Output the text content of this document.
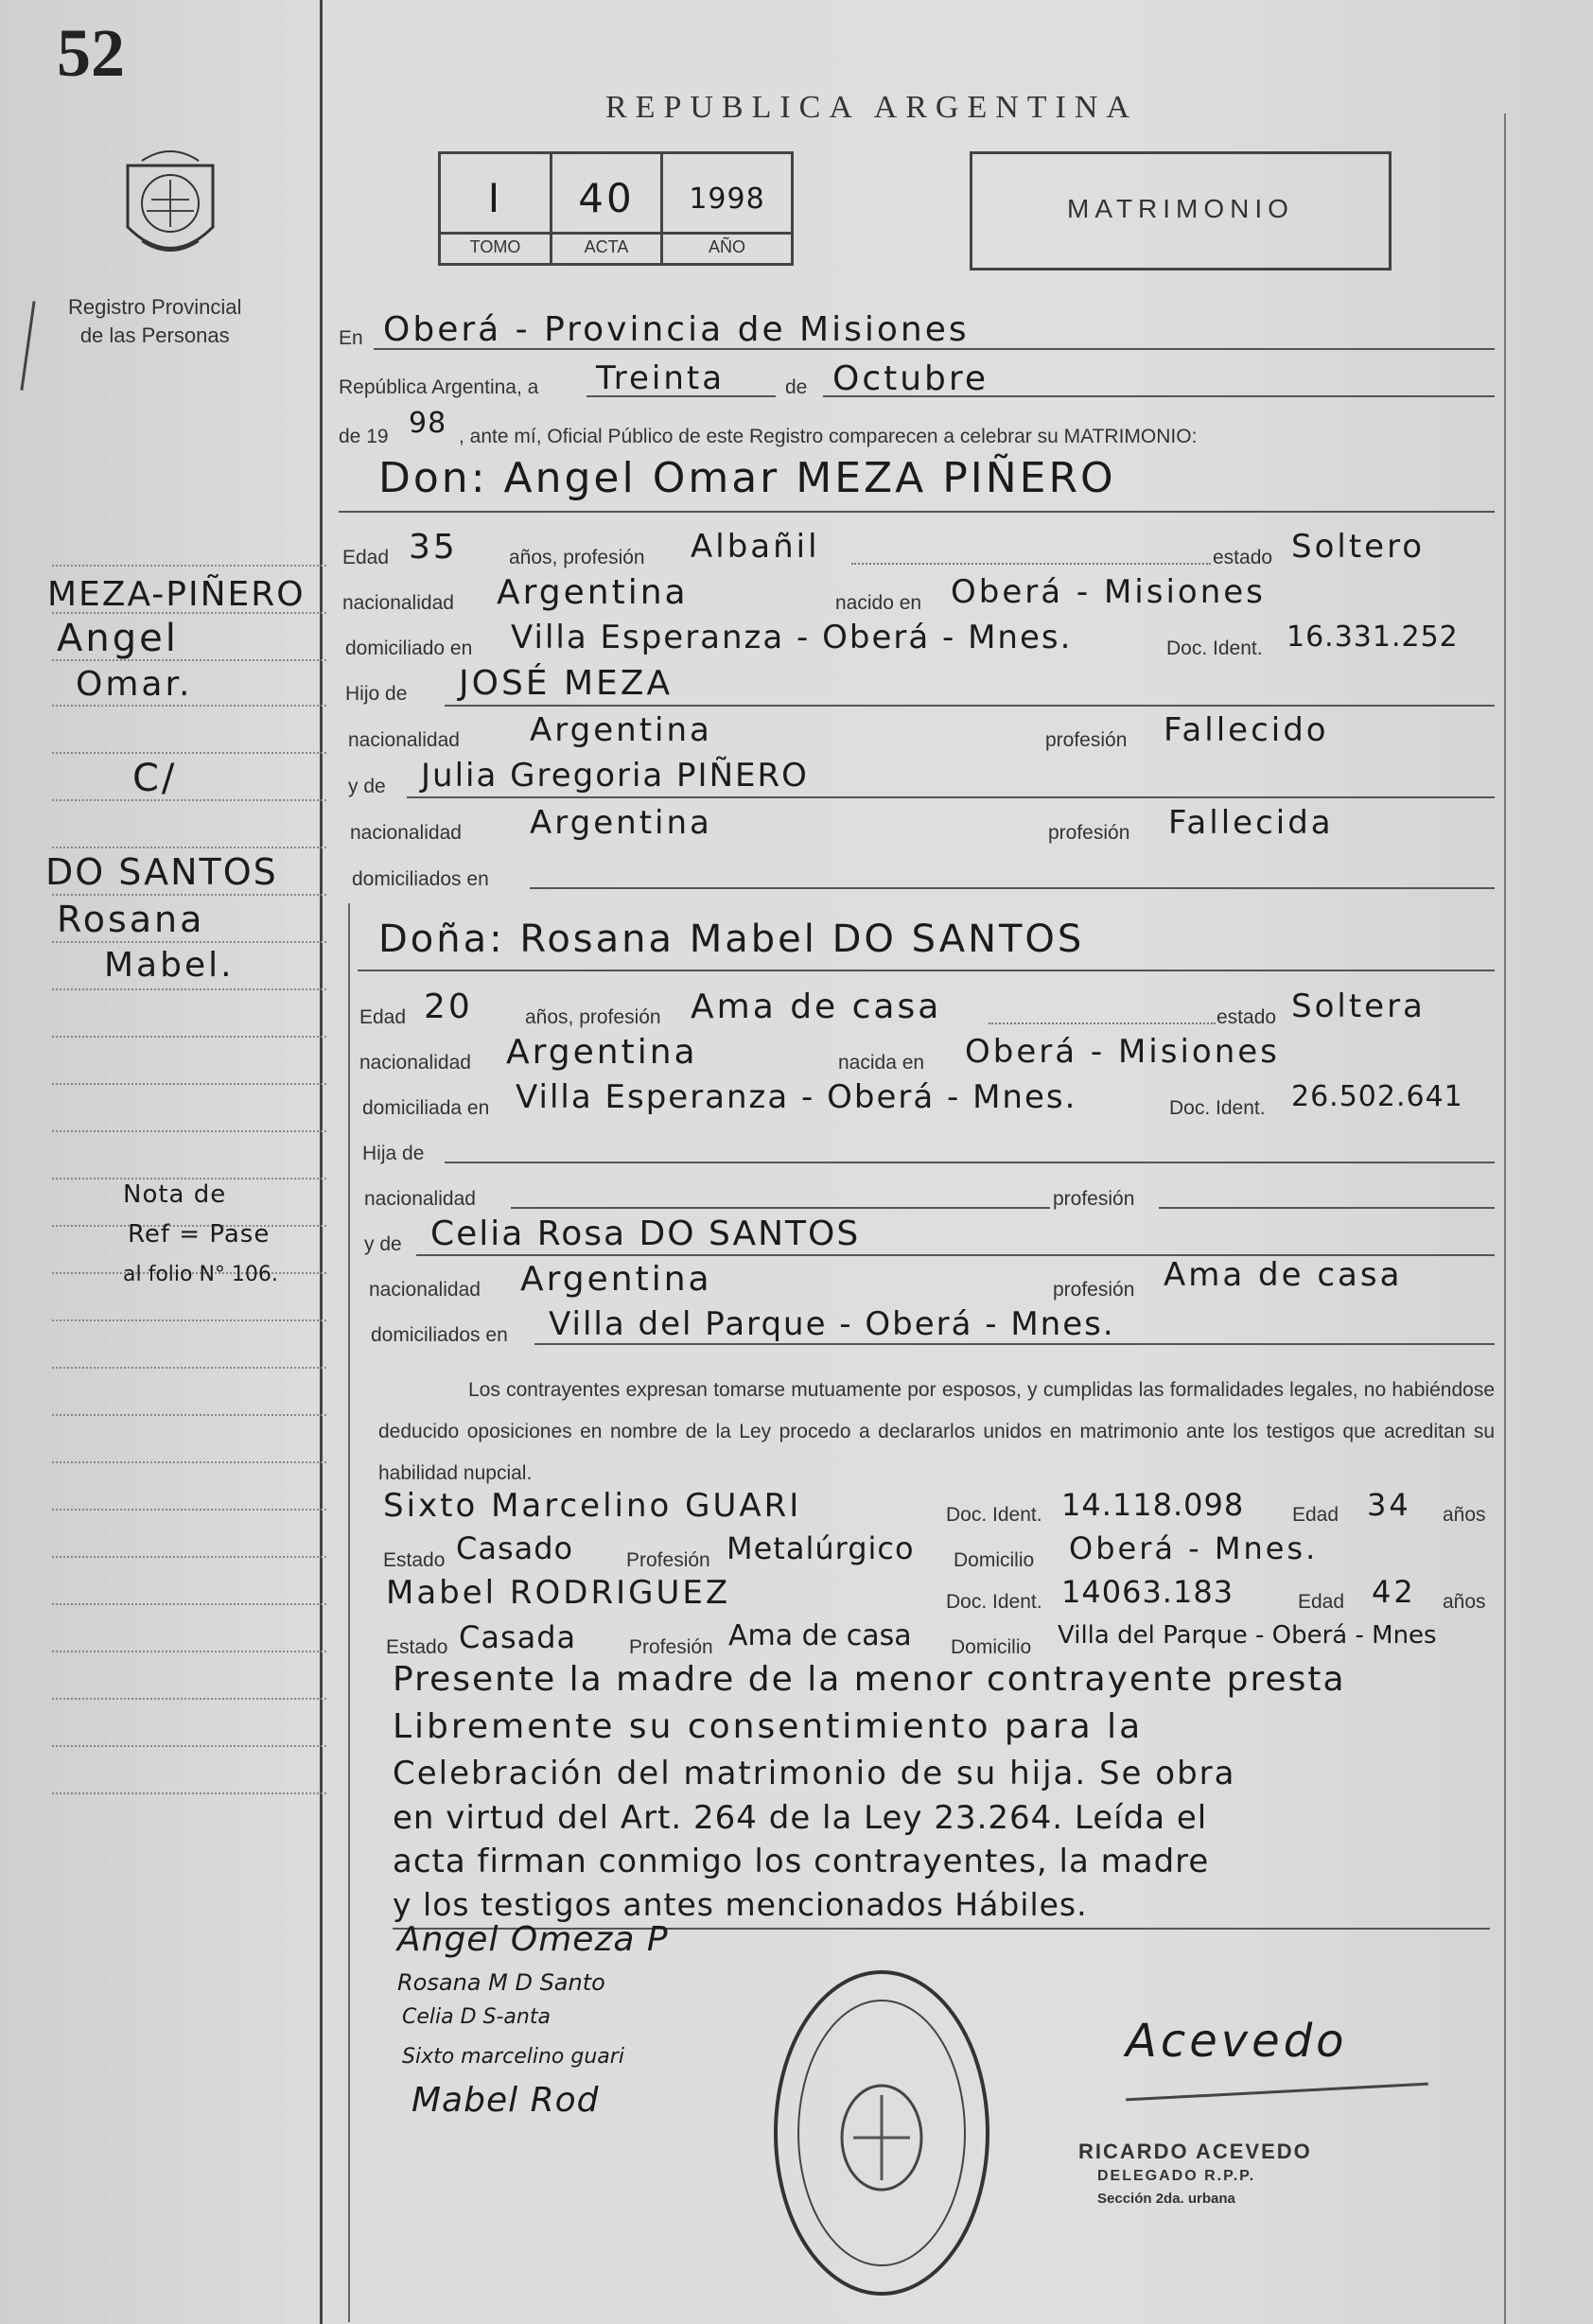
52
Registro Provincial
de las Personas
REPUBLICA ARGENTINA
I	40	1998
TOMO	ACTA	AÑO
MATRIMONIO
En Oberá - Provincia de Misiones
República Argentina, a Treinta	de Octubre
de 19 98 , ante mí, Oficial Público de este Registro comparecen a celebrar su MATRIMONIO:
Don: Angel Omar MEZA PIÑERO
MEZA-PIÑERO
Angel
Omar.
C/
DO SANTOS
Rosana
Mabel.
Nota de
Ref = Pase
al folio N° 106.
Edad 35	años, profesión Albañil	estado Soltero
nacionalidad Argentina	nacido en Oberá - Misiones
domiciliado en Villa Esperanza - Oberá - Mnes.	Doc. Ident. 16.331.252
Hijo de JOSÉ MEZA
nacionalidad Argentina	profesión Fallecido
y de Julia Gregoria PIÑERO
nacionalidad Argentina	profesión Fallecida
domiciliados en
Doña: Rosana Mabel DO SANTOS
Edad 20	años, profesión Ama de casa	estado Soltera
nacionalidad Argentina	nacida en Oberá - Misiones
domiciliada en Villa Esperanza - Oberá - Mnes.	Doc. Ident. 26.502.641
Hija de
nacionalidad	profesión
y de Celia Rosa DO SANTOS
nacionalidad Argentina	profesión Ama de casa
domiciliados en Villa del Parque - Oberá - Mnes.
Los contrayentes expresan tomarse mutuamente por esposos, y cumplidas las formalidades legales, no habiéndose deducido oposiciones en nombre de la Ley procedo a declararlos unidos en matrimonio ante los testigos que acreditan su habilidad nupcial.
Sixto Marcelino GUARI	Doc. Ident. 14.118.098 Edad 34 años
Estado Casado	Profesión Metalúrgico Domicilio Oberá - Mnes.
Mabel RODRIGUEZ	Doc. Ident. 14063.183	Edad 42 años
Estado Casada	Profesión Ama de casa Domicilio Villa del Parque - Oberá - Mnes
Presente la madre de la menor contrayente presta
Libremente su consentimiento para la
Celebración del matrimonio de su hija. Se obra
en virtud del Art. 264 de la Ley 23.264. Leída el
acta firman conmigo los contrayentes, la madre
y los testigos antes mencionados Hábiles.
Angel Omeza P
Rosana M D Santo
Celia D S-anta
Sixto marcelino guari
Mabel Rod
Acevedo
RICARDO ACEVEDO
DELEGADO R.P.P.
Sección 2da. urbana
